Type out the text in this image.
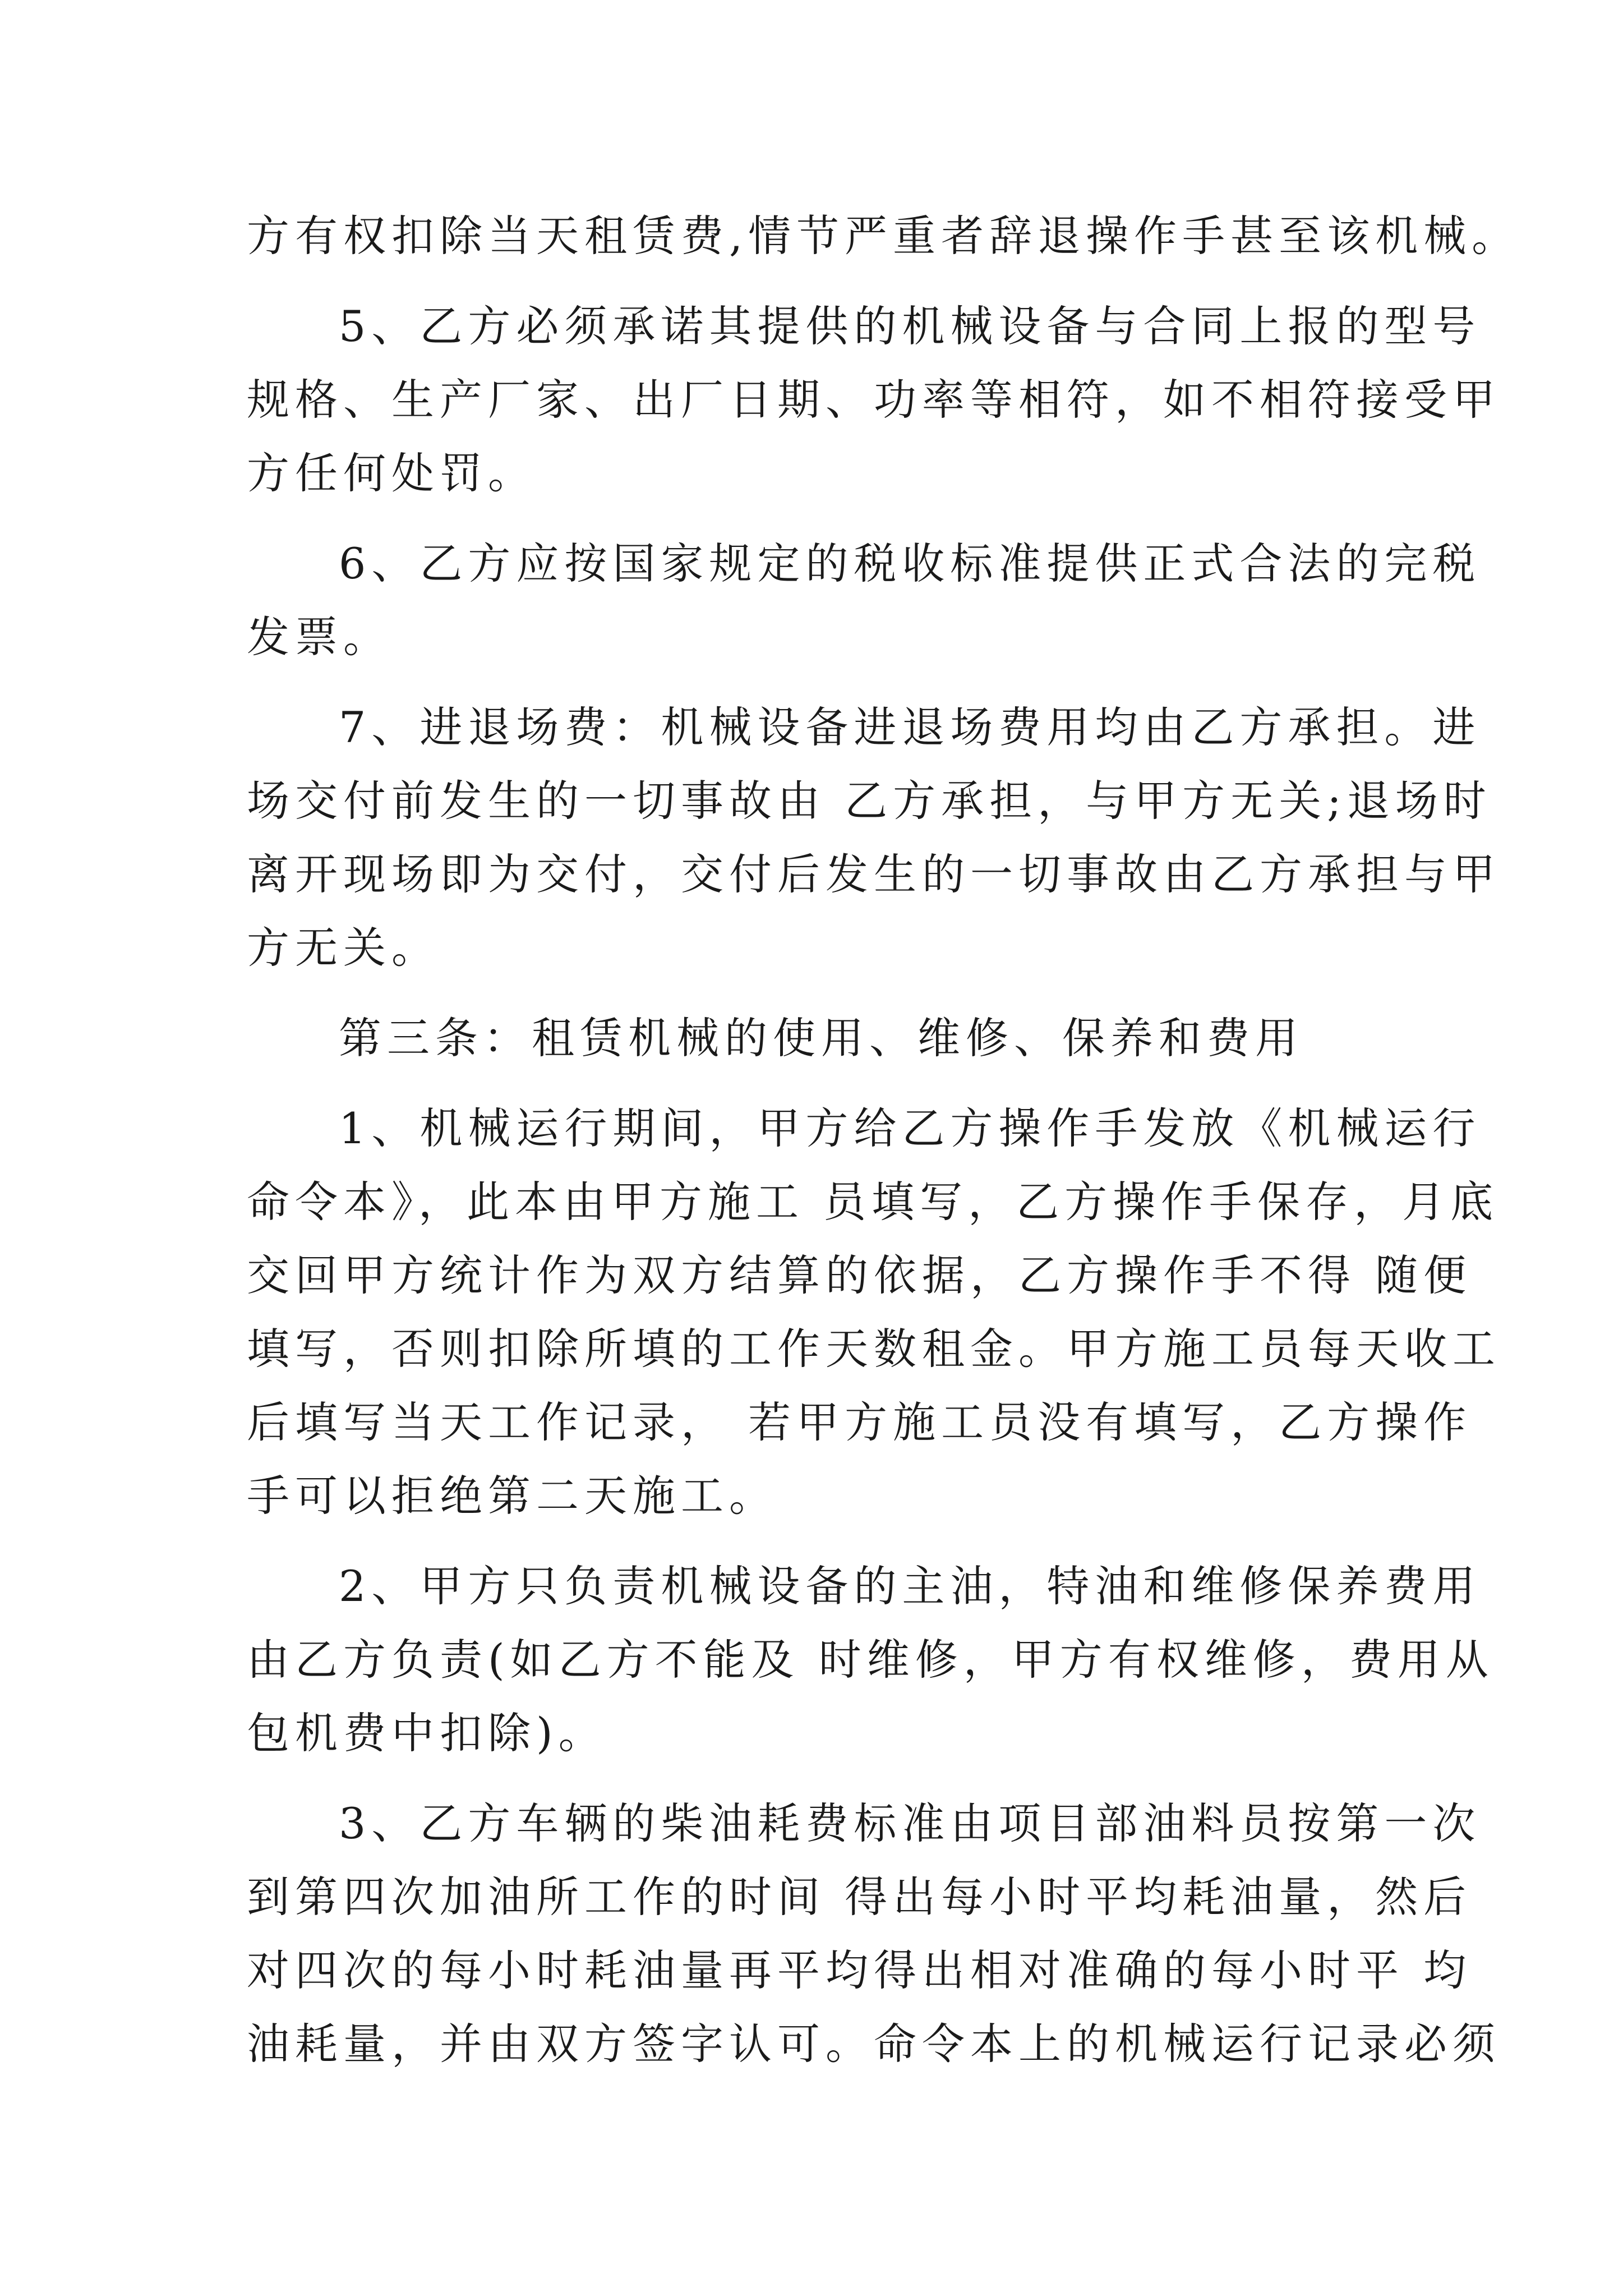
方有权扣除当天租赁费,情节严重者辞退操作手甚至该机械。
5、乙方必须承诺其提供的机械设备与合同上报的型号
规格、生产厂家、出厂日期、功率等相符，如不相符接受甲
方任何处罚。
6、乙方应按国家规定的税收标准提供正式合法的完税
发票。
7、进退场费：机械设备进退场费用均由乙方承担。进
场交付前发生的一切事故由 乙方承担，与甲方无关;退场时
离开现场即为交付，交付后发生的一切事故由乙方承担与甲
方无关。
第三条：租赁机械的使用、维修、保养和费用
1、机械运行期间，甲方给乙方操作手发放《机械运行
命令本》，此本由甲方施工 员填写，乙方操作手保存，月底
交回甲方统计作为双方结算的依据，乙方操作手不得 随便
填写，否则扣除所填的工作天数租金。甲方施工员每天收工
后填写当天工作记录， 若甲方施工员没有填写，乙方操作
手可以拒绝第二天施工。
2、甲方只负责机械设备的主油，特油和维修保养费用
由乙方负责(如乙方不能及 时维修，甲方有权维修，费用从
包机费中扣除)。
3、乙方车辆的柴油耗费标准由项目部油料员按第一次
到第四次加油所工作的时间 得出每小时平均耗油量，然后
对四次的每小时耗油量再平均得出相对准确的每小时平 均
油耗量，并由双方签字认可。命令本上的机械运行记录必须
